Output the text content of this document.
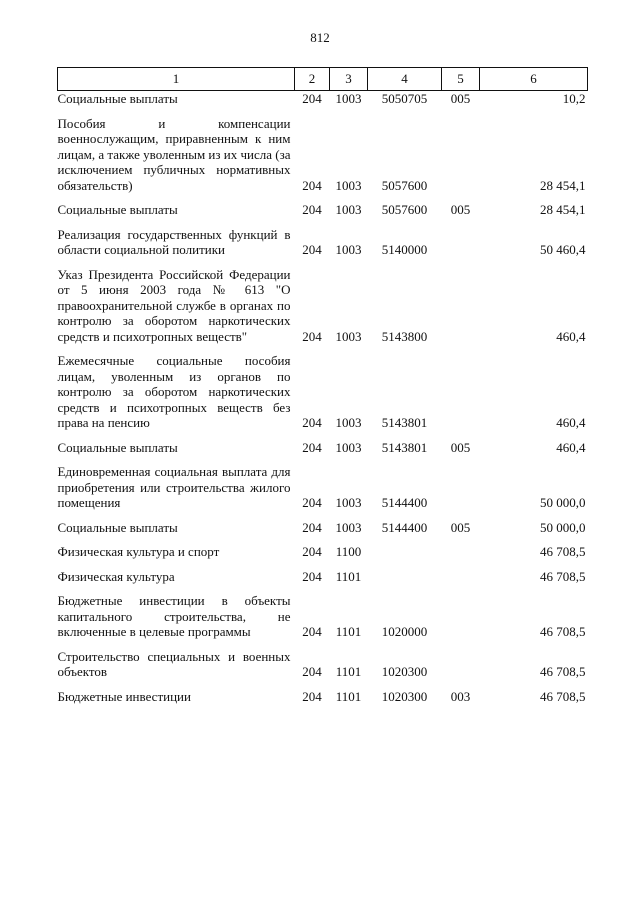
812
1	2	3	4	5	6
Социальные выплаты	204	1003	5050705	005	10,2

Пособия и компенсации военнослужащим, приравненным к ним лицам, а также уволенным из их числа (за исключением публичных нормативных обязательств)	204	1003	5057600		28 454,1

Социальные выплаты	204	1003	5057600	005	28 454,1

Реализация государственных функций в области социальной политики	204	1003	5140000		50 460,4

Указ Президента Российской Федерации от 5 июня 2003 года № 613 "О правоохранительной службе в органах по контролю за оборотом наркотических средств и психотропных веществ"	204	1003	5143800		460,4

Ежемесячные социальные пособия лицам, уволенным из органов по контролю за оборотом наркотических средств и психотропных веществ без права на пенсию	204	1003	5143801		460,4

Социальные выплаты	204	1003	5143801	005	460,4

Единовременная социальная выплата для приобретения или строительства жилого помещения	204	1003	5144400		50 000,0

Социальные выплаты	204	1003	5144400	005	50 000,0

Физическая культура и спорт	204	1100			46 708,5

Физическая культура	204	1101			46 708,5

Бюджетные инвестиции в объекты капитального строительства, не включенные в целевые программы	204	1101	1020000		46 708,5

Строительство специальных и военных объектов	204	1101	1020300		46 708,5

Бюджетные инвестиции	204	1101	1020300	003	46 708,5
